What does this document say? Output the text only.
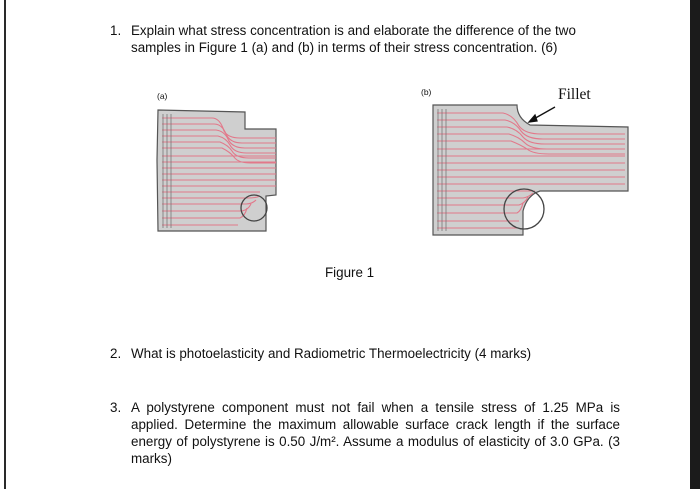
1. Explain what stress concentration is and elaborate the difference of the two samples in Figure 1 (a) and (b) in terms of their stress concentration. (6)
(a)	(b)	Fillet
Figure 1
2. What is photoelasticity and Radiometric Thermoelectricity (4 marks)
3. A polystyrene component must not fail when a tensile stress of 1.25 MPa is applied. Determine the maximum allowable surface crack length if the surface energy of polystyrene is 0.50 J/m². Assume a modulus of elasticity of 3.0 GPa. (3 marks)
